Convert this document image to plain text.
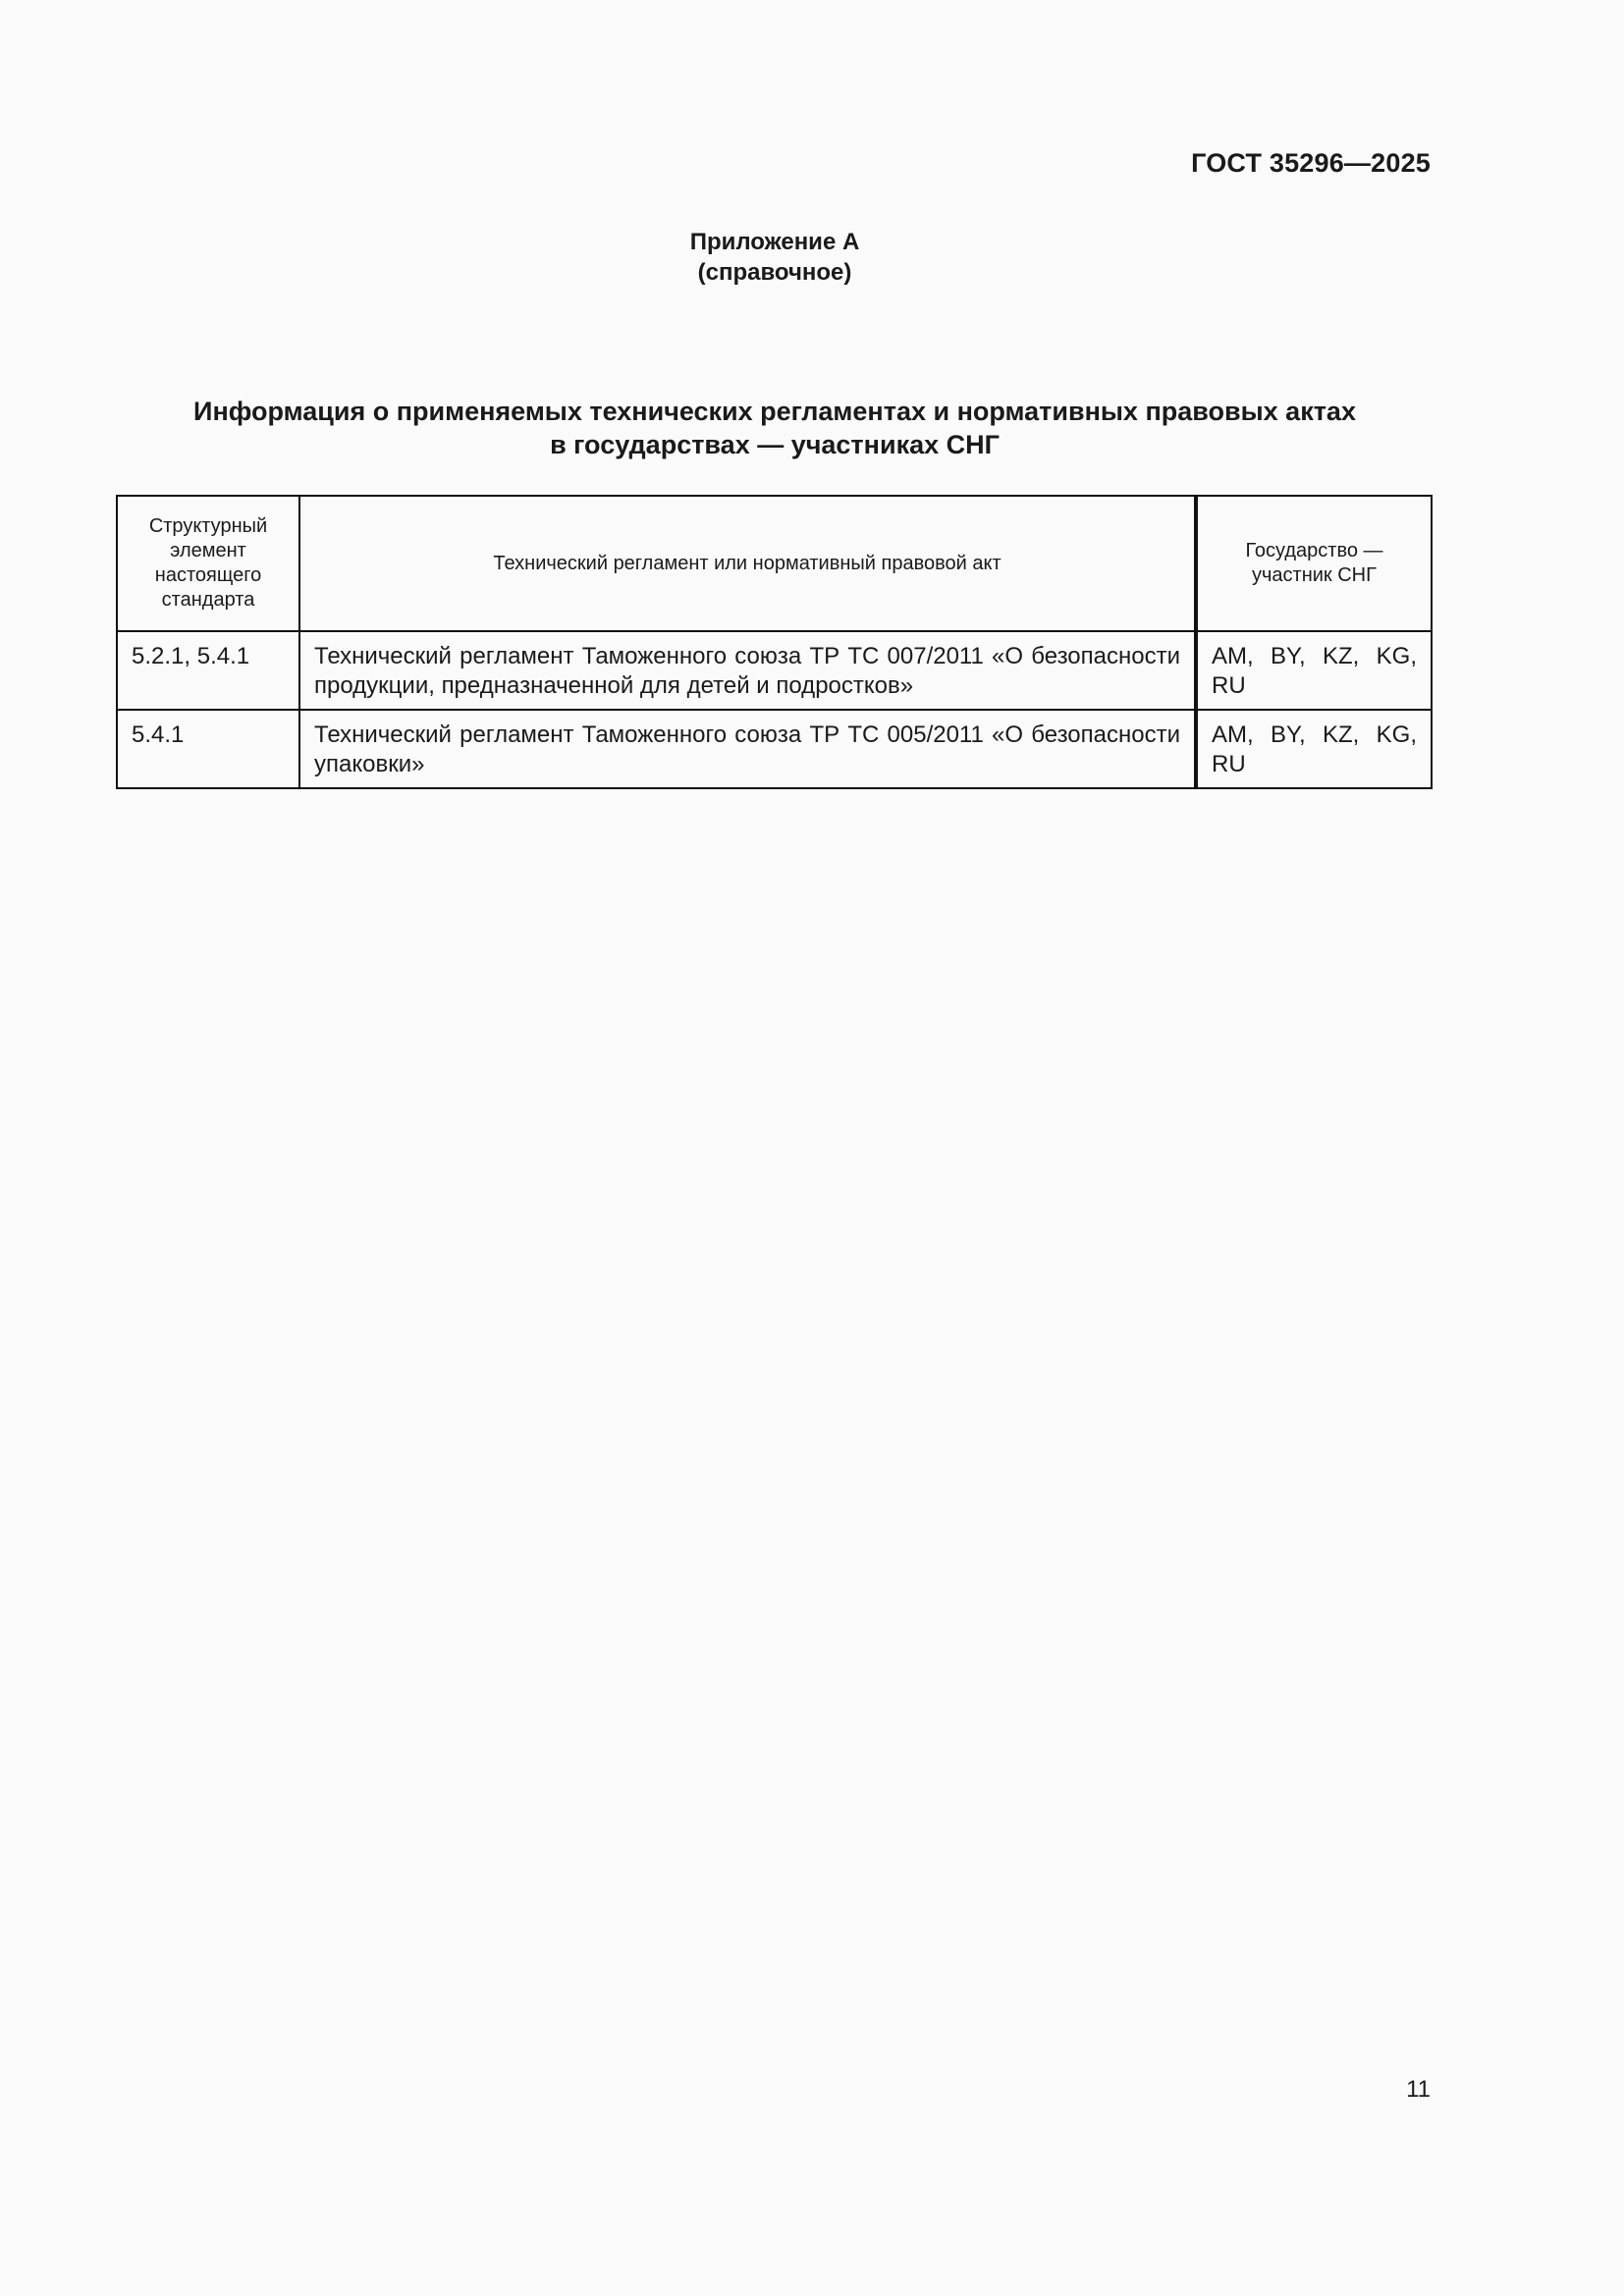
ГОСТ 35296—2025
Приложение А
(справочное)
Информация о применяемых технических регламентах и нормативных правовых актах
в государствах — участниках СНГ
Структурный элемент настоящего стандарта	Технический регламент или нормативный правовой акт	Государство — участник СНГ
5.2.1, 5.4.1	Технический регламент Таможенного союза ТР ТС 007/2011 «О безопасности продукции, предназначенной для детей и подростков»	AM, BY, KZ, KG, RU
5.4.1	Технический регламент Таможенного союза ТР ТС 005/2011 «О безопасности упаковки»	AM, BY, KZ, KG, RU
11
